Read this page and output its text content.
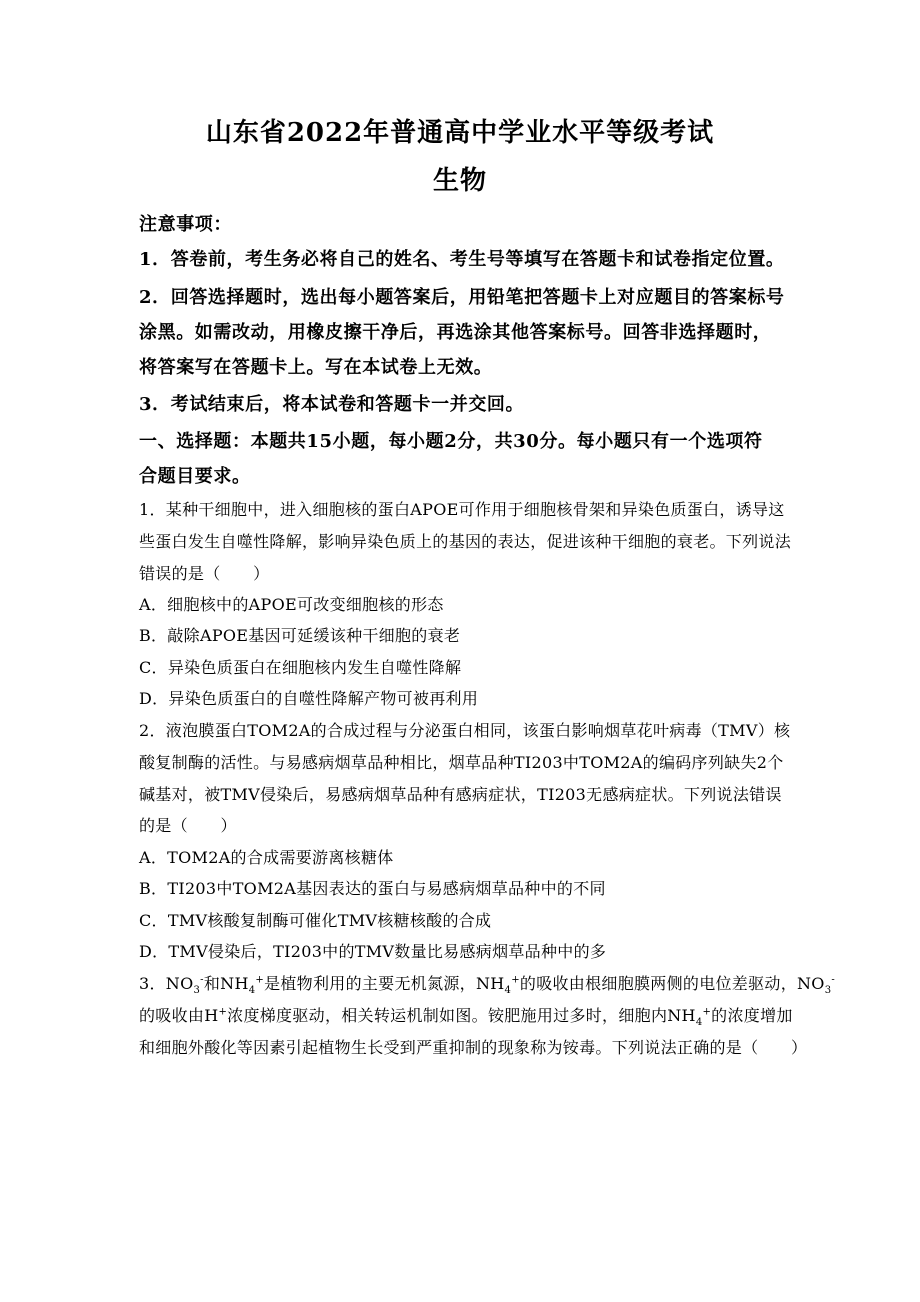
山东省2022年普通高中学业水平等级考试
生物
注意事项：
1．答卷前，考生务必将自己的姓名、考生号等填写在答题卡和试卷指定位置。
2．回答选择题时，选出每小题答案后，用铅笔把答题卡上对应题目的答案标号
涂黑。如需改动，用橡皮擦干净后，再选涂其他答案标号。回答非选择题时，
将答案写在答题卡上。写在本试卷上无效。
3．考试结束后，将本试卷和答题卡一并交回。
一、选择题：本题共15小题，每小题2分，共30分。每小题只有一个选项符
合题目要求。
1．某种干细胞中，进入细胞核的蛋白APOE可作用于细胞核骨架和异染色质蛋白，诱导这
些蛋白发生自噬性降解，影响异染色质上的基因的表达，促进该种干细胞的衰老。下列说法
错误的是（　　）
A．细胞核中的APOE可改变细胞核的形态
B．敲除APOE基因可延缓该种干细胞的衰老
C．异染色质蛋白在细胞核内发生自噬性降解
D．异染色质蛋白的自噬性降解产物可被再利用
2．液泡膜蛋白TOM2A的合成过程与分泌蛋白相同，该蛋白影响烟草花叶病毒（TMV）核
酸复制酶的活性。与易感病烟草品种相比，烟草品种TI203中TOM2A的编码序列缺失2个
碱基对，被TMV侵染后，易感病烟草品种有感病症状，TI203无感病症状。下列说法错误
的是（　　）
A．TOM2A的合成需要游离核糖体
B．TI203中TOM2A基因表达的蛋白与易感病烟草品种中的不同
C．TMV核酸复制酶可催化TMV核糖核酸的合成
D．TMV侵染后，TI203中的TMV数量比易感病烟草品种中的多
3．$NO_3^-$和$NH_4^+$是植物利用的主要无机氮源，$NH_4^+$的吸收由根细胞膜两侧的电位差驱动，$NO_3^-$
的吸收由H+浓度梯度驱动，相关转运机制如图。铵肥施用过多时，细胞内$NH_4^+$的浓度增加
和细胞外酸化等因素引起植物生长受到严重抑制的现象称为铵毒。下列说法正确的是（　　）
